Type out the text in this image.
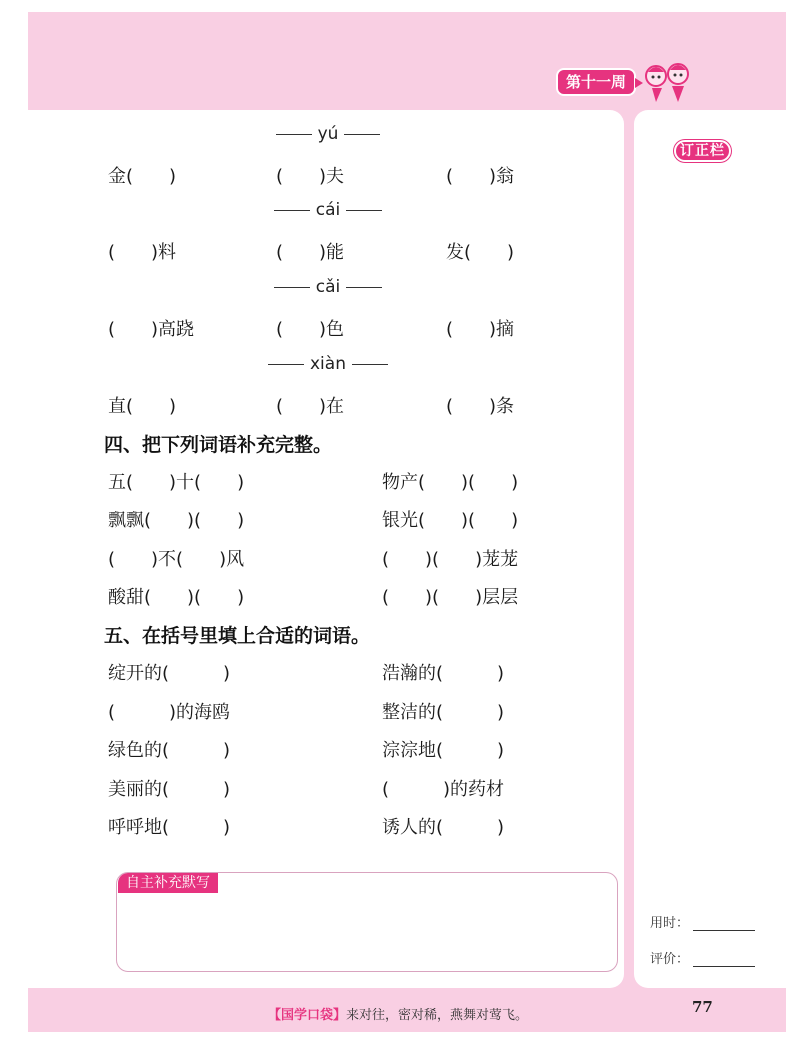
第十一周
订正栏
yú
金(　　)	(　　)夫	(　　)翁
cái
(　　)料	(　　)能	发(　　)
cǎi
(　　)高跷	(　　)色	(　　)摘
xiàn
直(　　)	(　　)在	(　　)条
四、把下列词语补充完整。
五(　　)十(　　)	物产(　　)(　　)
飘飘(　　)(　　)	银光(　　)(　　)
(　　)不(　　)风	(　　)(　　)茏茏
酸甜(　　)(　　)	(　　)(　　)层层
五、在括号里填上合适的词语。
绽开的(　　　)	浩瀚的(　　　)
(　　　)的海鸥	整洁的(　　　)
绿色的(　　　)	淙淙地(　　　)
美丽的(　　　)	(　　　)的药材
呼呼地(　　　)	诱人的(　　　)
自主补充默写
用时：
评价：
【国学口袋】来对往，密对稀，燕舞对莺飞。	77
